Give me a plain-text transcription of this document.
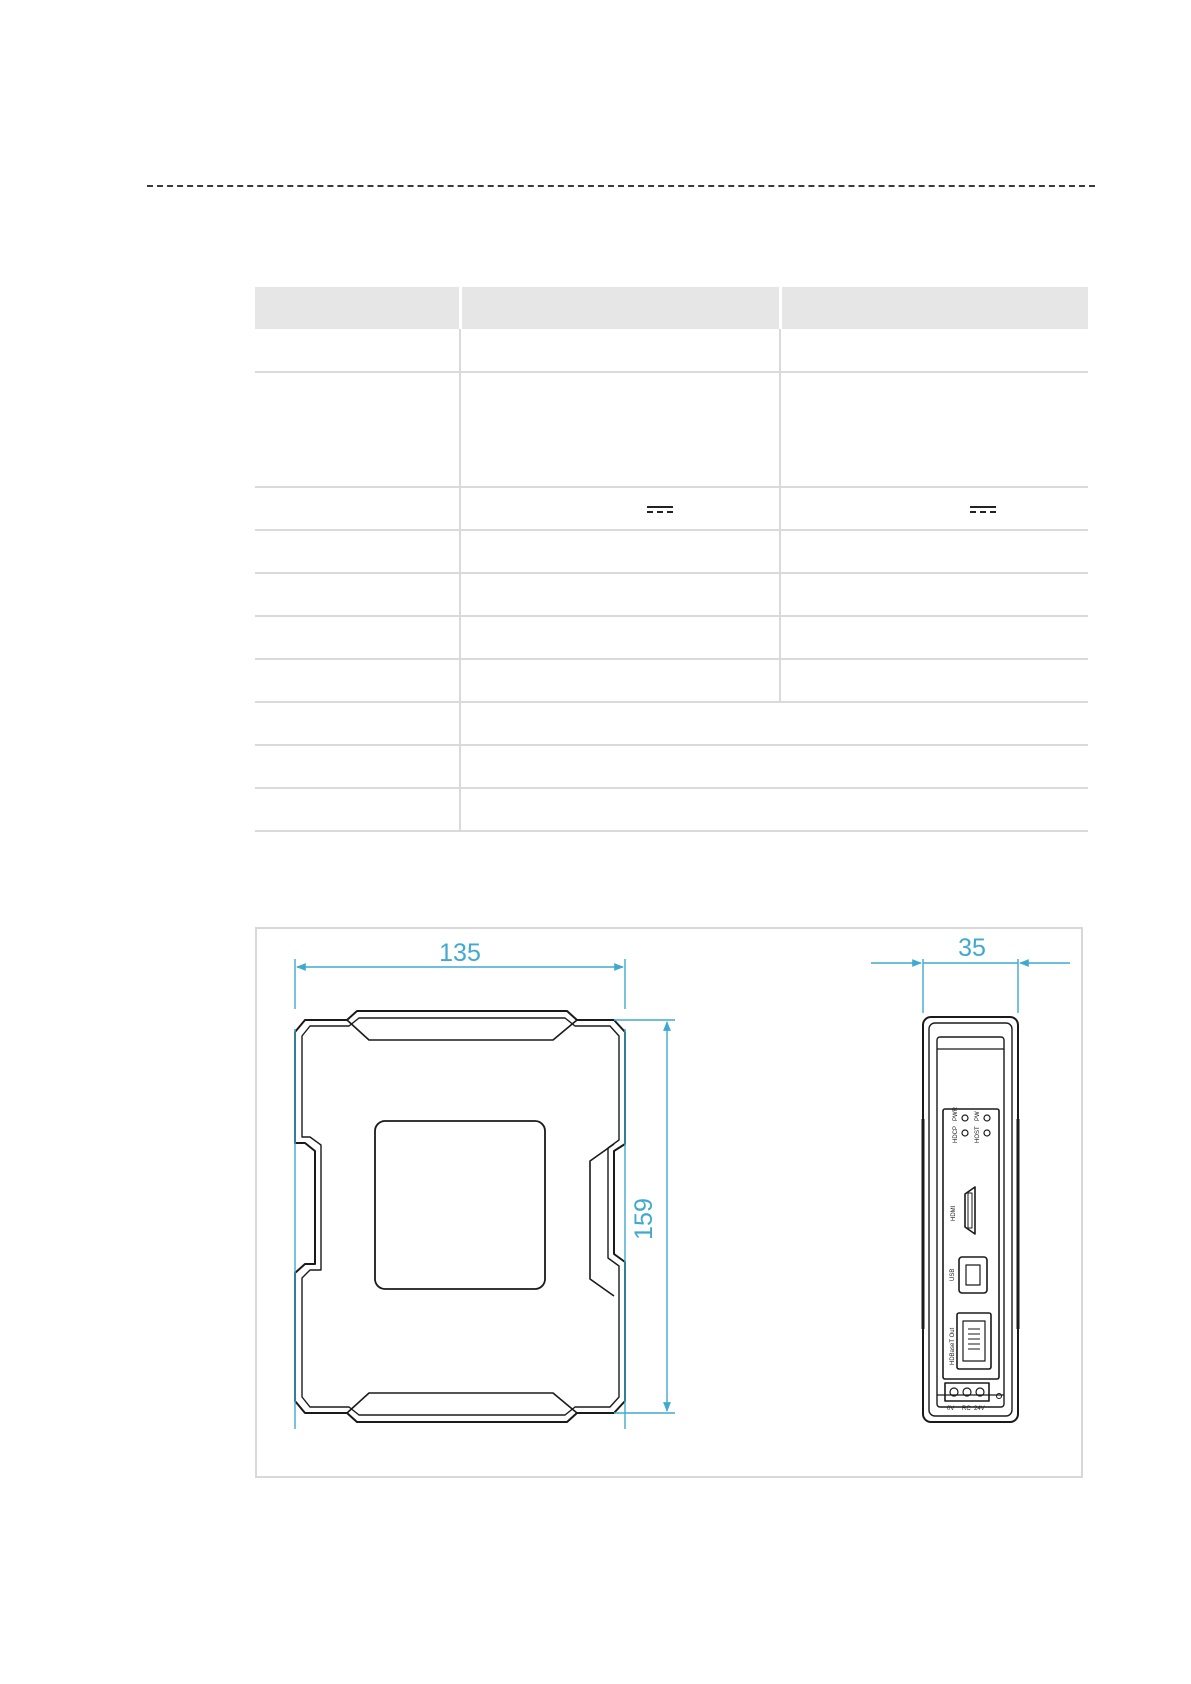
135
159
PWR
HDCP
PW
HOST
HDMI
USB
HDBaseT Out
0V RC 24V
35
